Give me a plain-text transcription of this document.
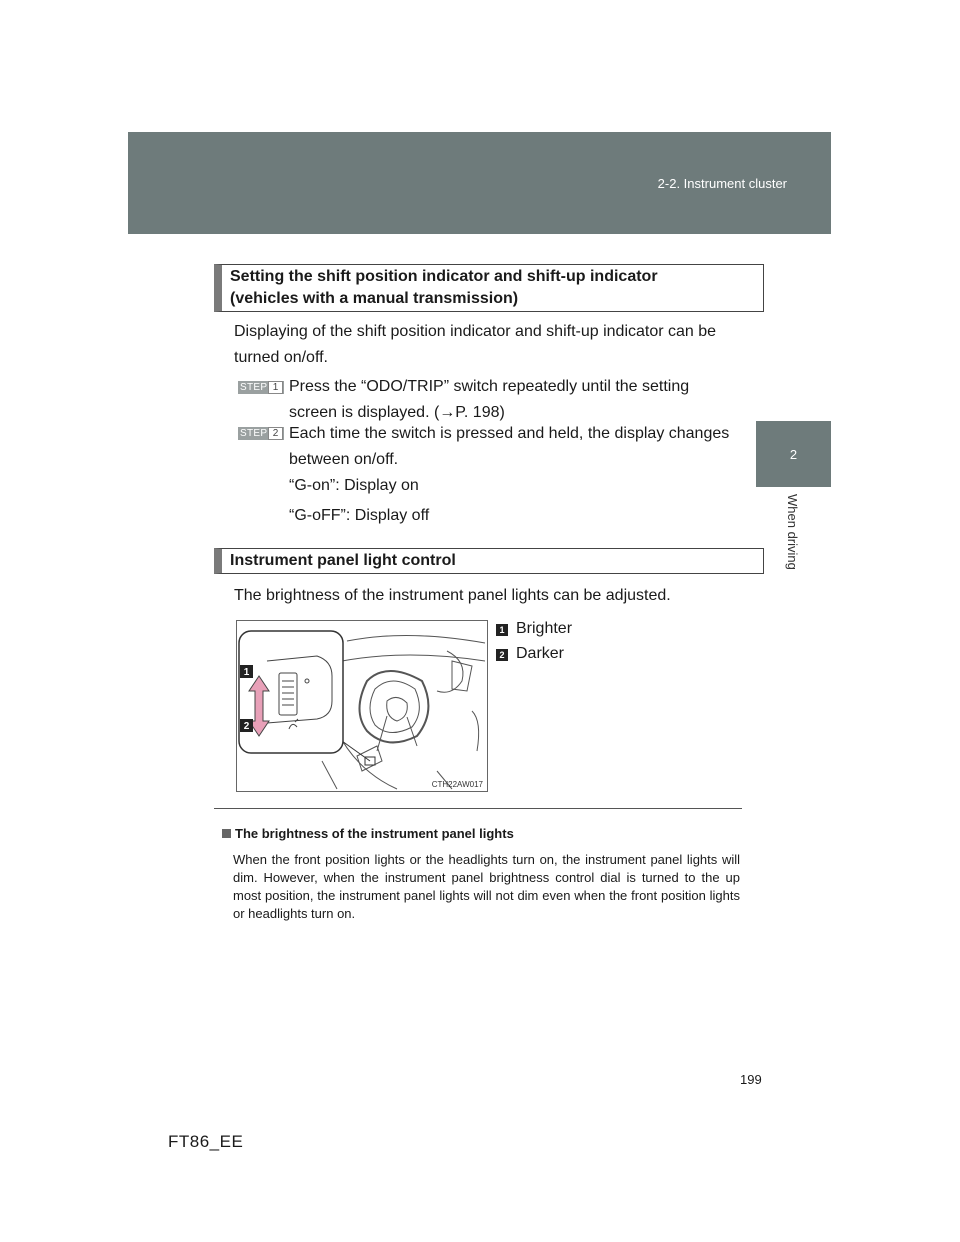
2-2. Instrument cluster
2
When driving
Setting the shift position indicator and shift-up indicator
(vehicles with a manual transmission)
Displaying of the shift position indicator and shift-up indicator can be
turned on/off.
STEP 1 Press the “ODO/TRIP” switch repeatedly until the setting
screen is displayed. (→P. 198)
STEP 2 Each time the switch is pressed and held, the display changes
between on/off.
“G-on”: Display on
“G-oFF”: Display off
Instrument panel light control
The brightness of the instrument panel lights can be adjusted.
1 Brighter
2 Darker
1
2
CTH22AW017
The brightness of the instrument panel lights
When the front position lights or the headlights turn on, the instrument panel lights will dim. However, when the instrument panel brightness control dial is turned to the up most position, the instrument panel lights will not dim even when the front position lights or headlights turn on.
199
FT86_EE
